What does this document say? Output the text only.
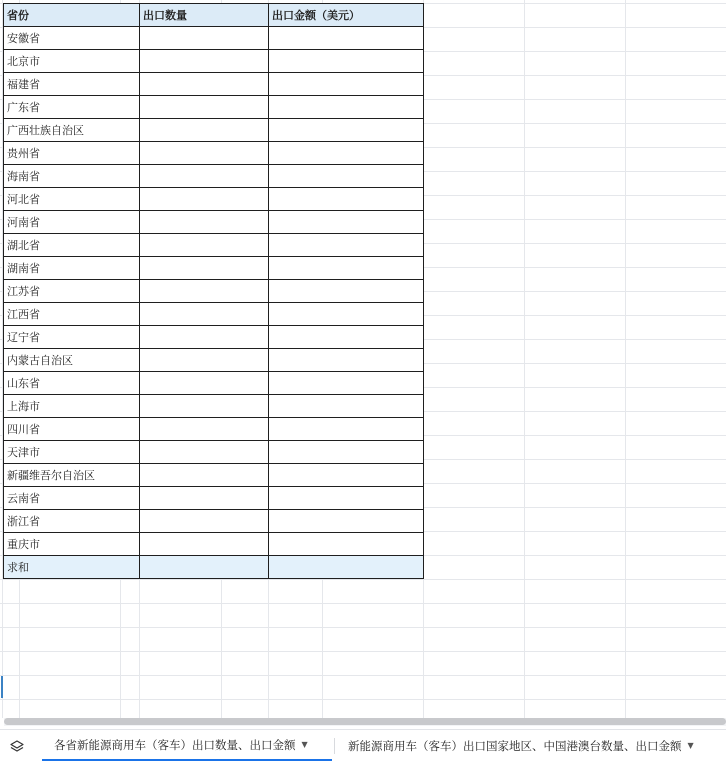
省份	出口数量	出口金额（美元）
安徽省		
北京市		
福建省		
广东省		
广西壮族自治区		
贵州省		
海南省		
河北省		
河南省		
湖北省		
湖南省		
江苏省		
江西省		
辽宁省		
内蒙古自治区		
山东省		
上海市		
四川省		
天津市		
新疆维吾尔自治区		
云南省		
浙江省		
重庆市		
求和		
各省新能源商用车（客车）出口数量、出口金额 ▼	新能源商用车（客车）出口国家地区、中国港澳台数量、出口金额 ▼
